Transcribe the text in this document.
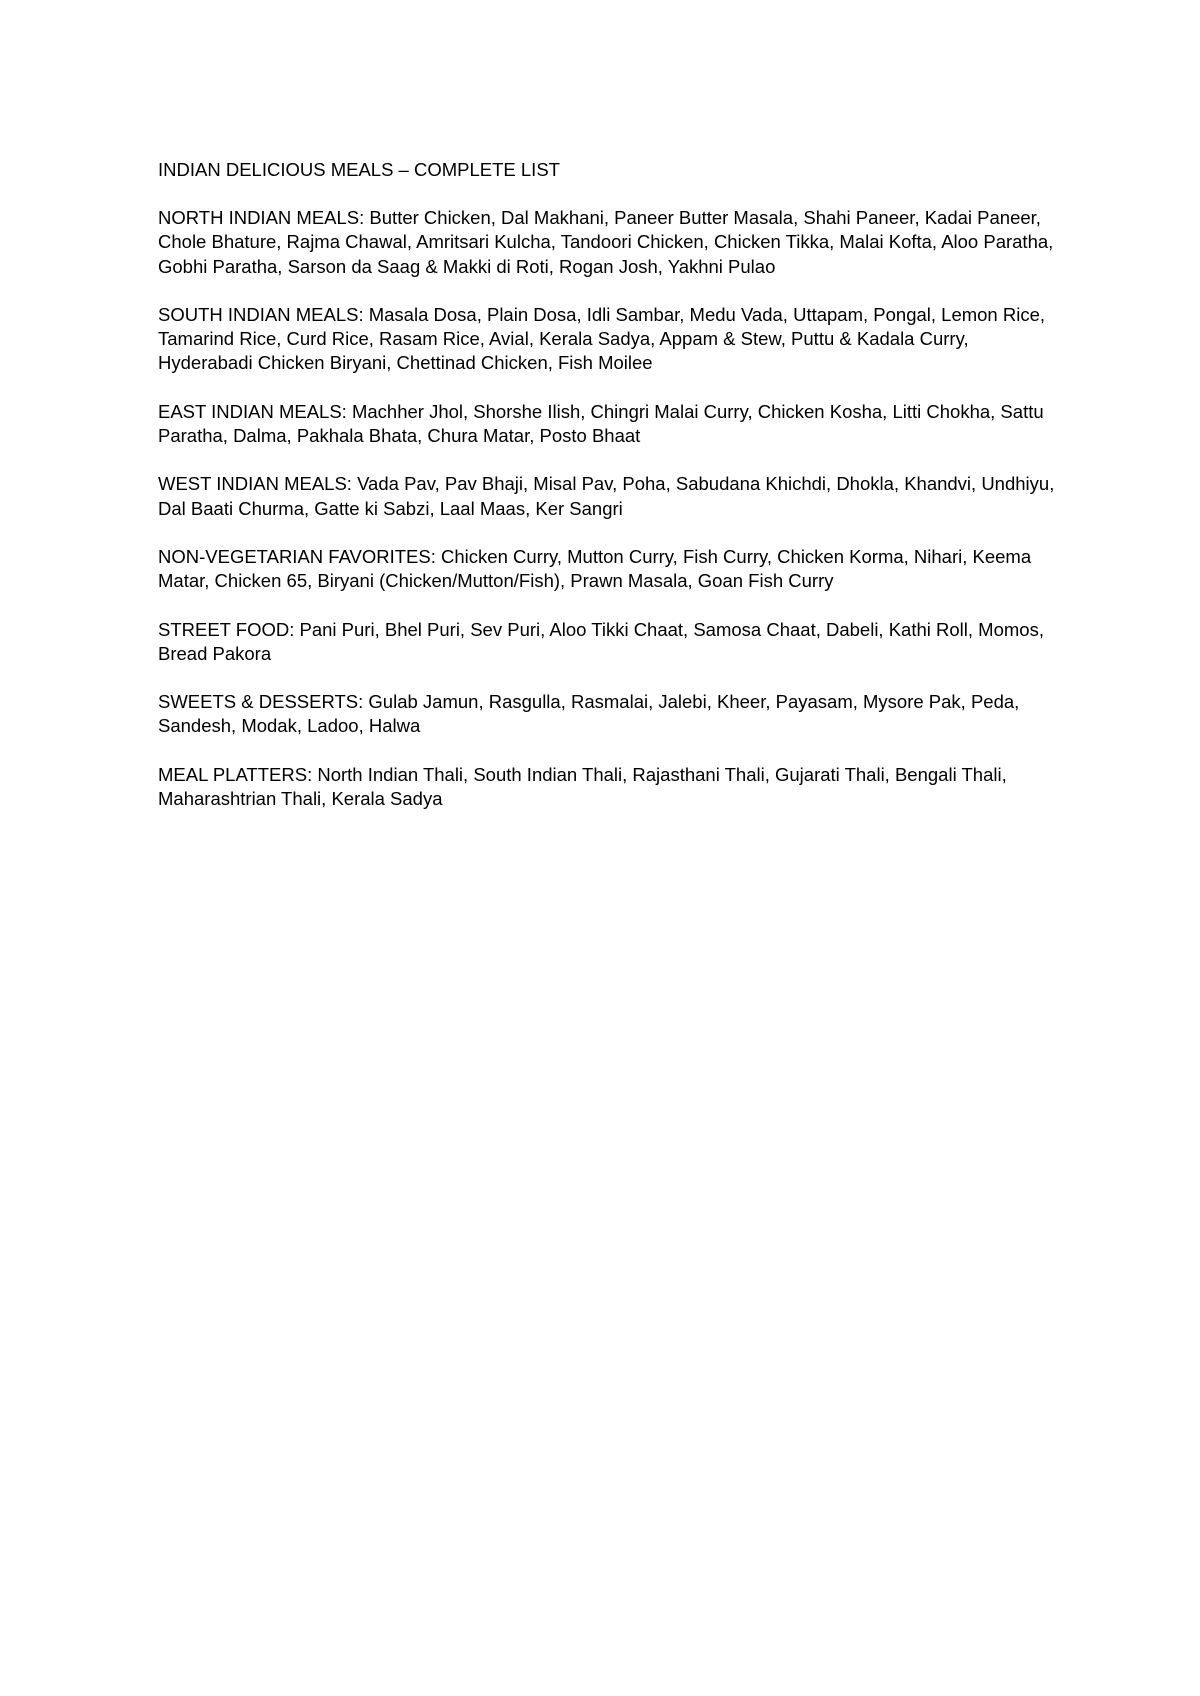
INDIAN DELICIOUS MEALS – COMPLETE LIST

NORTH INDIAN MEALS: Butter Chicken, Dal Makhani, Paneer Butter Masala, Shahi Paneer, Kadai Paneer, Chole Bhature, Rajma Chawal, Amritsari Kulcha, Tandoori Chicken, Chicken Tikka, Malai Kofta, Aloo Paratha, Gobhi Paratha, Sarson da Saag & Makki di Roti, Rogan Josh, Yakhni Pulao

SOUTH INDIAN MEALS: Masala Dosa, Plain Dosa, Idli Sambar, Medu Vada, Uttapam, Pongal, Lemon Rice, Tamarind Rice, Curd Rice, Rasam Rice, Avial, Kerala Sadya, Appam & Stew, Puttu & Kadala Curry, Hyderabadi Chicken Biryani, Chettinad Chicken, Fish Moilee

EAST INDIAN MEALS: Machher Jhol, Shorshe Ilish, Chingri Malai Curry, Chicken Kosha, Litti Chokha, Sattu Paratha, Dalma, Pakhala Bhata, Chura Matar, Posto Bhaat

WEST INDIAN MEALS: Vada Pav, Pav Bhaji, Misal Pav, Poha, Sabudana Khichdi, Dhokla, Khandvi, Undhiyu, Dal Baati Churma, Gatte ki Sabzi, Laal Maas, Ker Sangri

NON-VEGETARIAN FAVORITES: Chicken Curry, Mutton Curry, Fish Curry, Chicken Korma, Nihari, Keema Matar, Chicken 65, Biryani (Chicken/Mutton/Fish), Prawn Masala, Goan Fish Curry

STREET FOOD: Pani Puri, Bhel Puri, Sev Puri, Aloo Tikki Chaat, Samosa Chaat, Dabeli, Kathi Roll, Momos, Bread Pakora

SWEETS & DESSERTS: Gulab Jamun, Rasgulla, Rasmalai, Jalebi, Kheer, Payasam, Mysore Pak, Peda, Sandesh, Modak, Ladoo, Halwa

MEAL PLATTERS: North Indian Thali, South Indian Thali, Rajasthani Thali, Gujarati Thali, Bengali Thali, Maharashtrian Thali, Kerala Sadya
